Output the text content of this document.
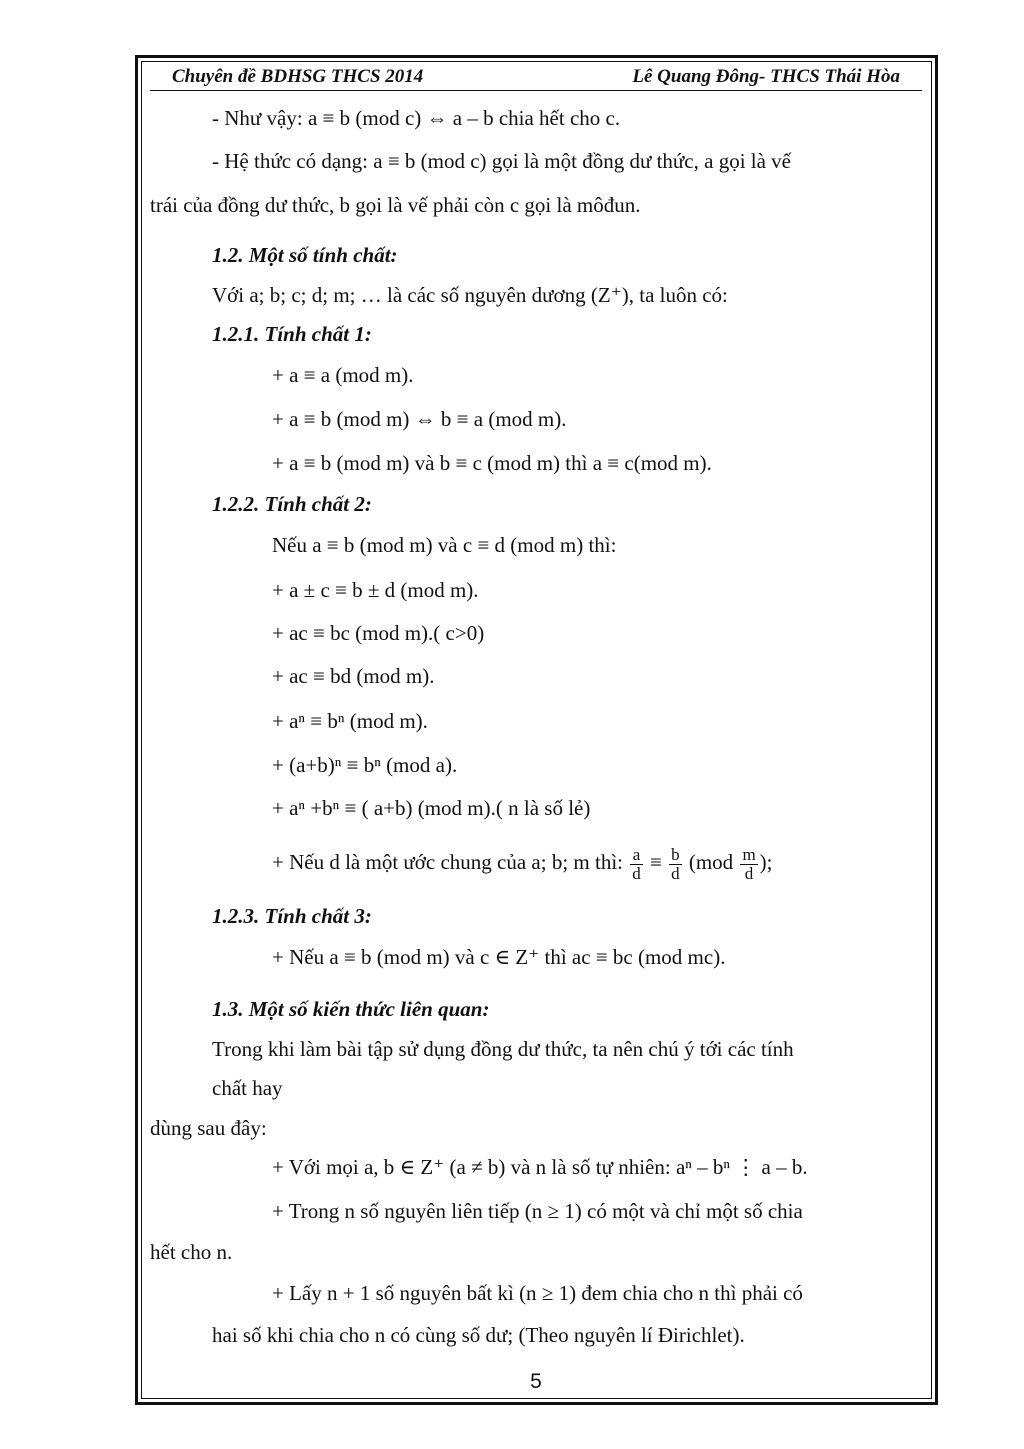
Chuyên đề BDHSG THCS 2014	Lê Quang Đông- THCS Thái Hòa
- Như vậy: a ≡ b (mod c) ⇔ a – b chia hết cho c.
- Hệ thức có dạng: a ≡ b (mod c) gọi là một đồng dư thức, a gọi là vế
trái của đồng dư thức, b gọi là vế phải còn c gọi là môđun.
1.2. Một số tính chất:
Với a; b; c; d; m; … là các số nguyên dương (Z⁺), ta luôn có:
1.2.1. Tính chất 1:
+ a ≡ a (mod m).
+ a ≡ b (mod m) ⇔ b ≡ a (mod m).
+ a ≡ b (mod m) và b ≡ c (mod m) thì a ≡ c(mod m).
1.2.2. Tính chất 2:
Nếu a ≡ b (mod m) và c ≡ d (mod m) thì:
+ a ± c ≡ b ± d (mod m).
+ ac ≡ bc (mod m).( c>0)
+ ac ≡ bd (mod m).
+ aⁿ ≡ bⁿ (mod m).
+ (a+b)ⁿ ≡ bⁿ (mod a).
+ aⁿ +bⁿ ≡ ( a+b) (mod m).( n là số lẻ)
+ Nếu d là một ước chung của a; b; m thì: $\frac{a}{d} \equiv \frac{b}{d} (mod \frac{m}{d}$ );
1.2.3. Tính chất 3:
+ Nếu a ≡ b (mod m) và c ∈ Z⁺ thì ac ≡ bc (mod mc).
1.3. Một số kiến thức liên quan:
Trong khi làm bài tập sử dụng đồng dư thức, ta nên chú ý tới các tính
chất hay
dùng sau đây:
+ Với mọi a, b ∈ Z⁺ (a ≠ b) và n là số tự nhiên: aⁿ – bⁿ ⋮ a – b.
+ Trong n số nguyên liên tiếp (n ≥ 1) có một và chỉ một số chia
hết cho n.
+ Lấy n + 1 số nguyên bất kì (n ≥ 1) đem chia cho n thì phải có
hai số khi chia cho n có cùng số dư; (Theo nguyên lí Đirichlet).
5
